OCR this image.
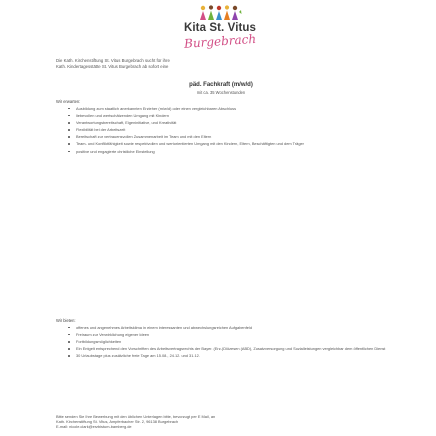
Kita St. Vitus
Burgebrach
Die Kath. Kirchenstiftung St. Vitus Burgebrach sucht für ihre
Kath. Kindertagesstätte St. Vitus Burgebrach ab sofort eine
päd. Fachkraft (m/w/d)
mit ca. 35 Wochenstunden
Wir erwarten:
Ausbildung zum staatlich anerkannten Erzieher (m/w/d) oder einen vergleichbaren Abschluss
liebevollen und wertschätzenden Umgang mit Kindern
Verantwortungsbereitschaft, Eigeninitiative, und Kreativität
Flexibilität bei der Arbeitszeit
Bereitschaft zur vertrauensvollen Zusammenarbeit im Team und mit den Eltern
Team- und Konfliktfähigkeit sowie respektvollen und wertorientierten Umgang mit den Kindern, Eltern, Beschäftigten und dem Träger
positive und engagierte christliche Einstellung
Wir bieten:
offenes und angenehmes Arbeitsklima in einem interessanten und abwechslungsreichen Aufgabenfeld
Freiraum zur Verwirklichung eigener Ideen
Fortbildungsmöglichkeiten
Ein Entgelt entsprechend den Vorschriften des Arbeitsvertragsrechts der Bayer. (Erz-)Diözesen (ABD), Zusatzversorgung und Sozialleistungen vergleichbar dem öffentlichen Dienst
30 Urlaubstage plus zusätzliche freie Tage am 15.08., 24.12. und 31.12.
Bitte senden Sie Ihre Bewerbung mit den üblichen Unterlagen bitte, bevorzugt per E Mail, an
Kath. Kirchenstiftung St. Vitus, Ampferbacher Str. 2, 96138 Burgebrach
E-mail: nicole.clark@erzbistum-bamberg.de
